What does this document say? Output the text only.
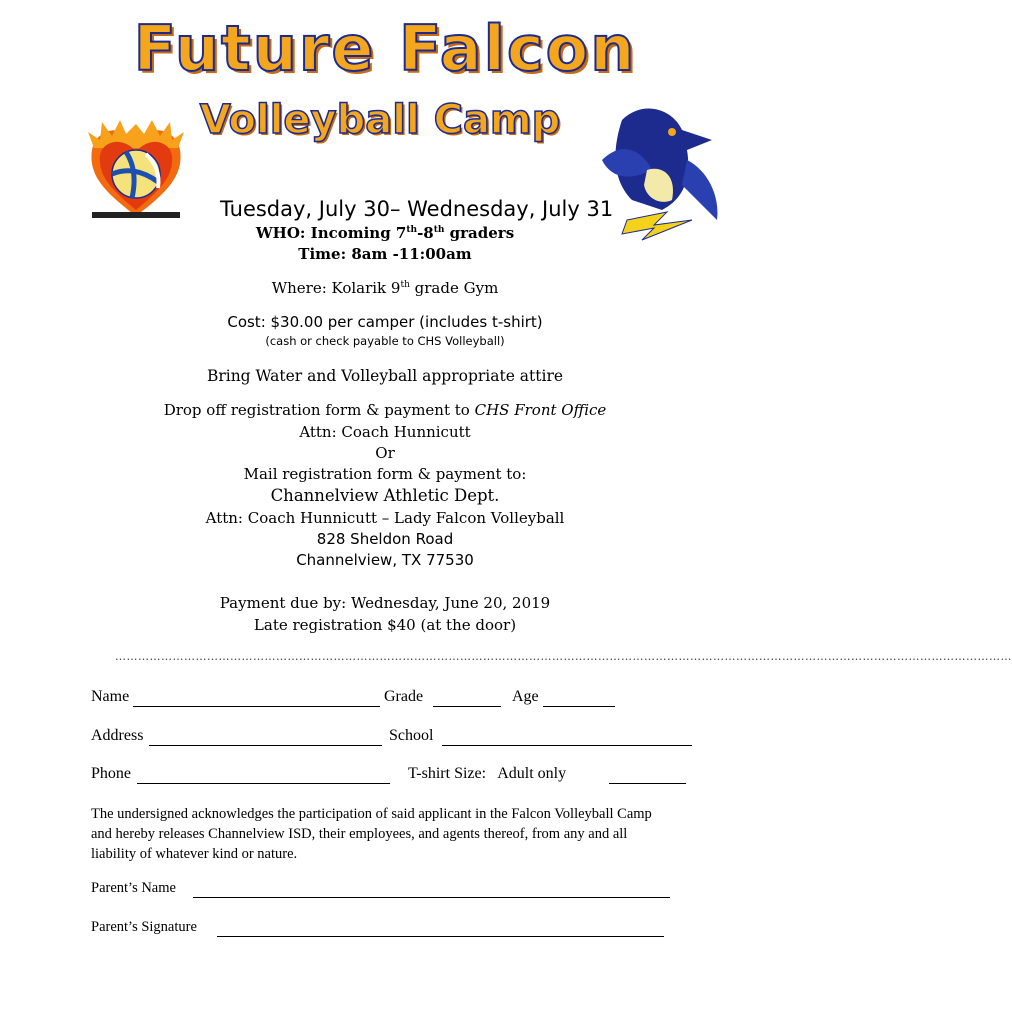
Future Falcon
Volleyball Camp
Tuesday, July 30– Wednesday, July 31
WHO: Incoming 7th-8th graders
Time: 8am -11:00am
Where: Kolarik 9th grade Gym
Cost: $30.00 per camper (includes t-shirt)
(cash or check payable to CHS Volleyball)
Bring Water and Volleyball appropriate attire
Drop off registration form & payment to CHS Front Office
Attn: Coach Hunnicutt
Or
Mail registration form & payment to:
Channelview Athletic Dept.
Attn: Coach Hunnicutt – Lady Falcon Volleyball
828 Sheldon Road
Channelview, TX 77530
Payment due by: Wednesday, June 20, 2019
Late registration $40 (at the door)
………………………………………………………………………………………………………………………………………………………………………………………………………………
Name	Grade	Age
Address	School
Phone	T-shirt Size:   Adult only
The undersigned acknowledges the participation of said applicant in the Falcon Volleyball Camp and hereby releases Channelview ISD, their employees, and agents thereof, from any and all liability of whatever kind or nature.
Parent’s Name
Parent’s Signature
